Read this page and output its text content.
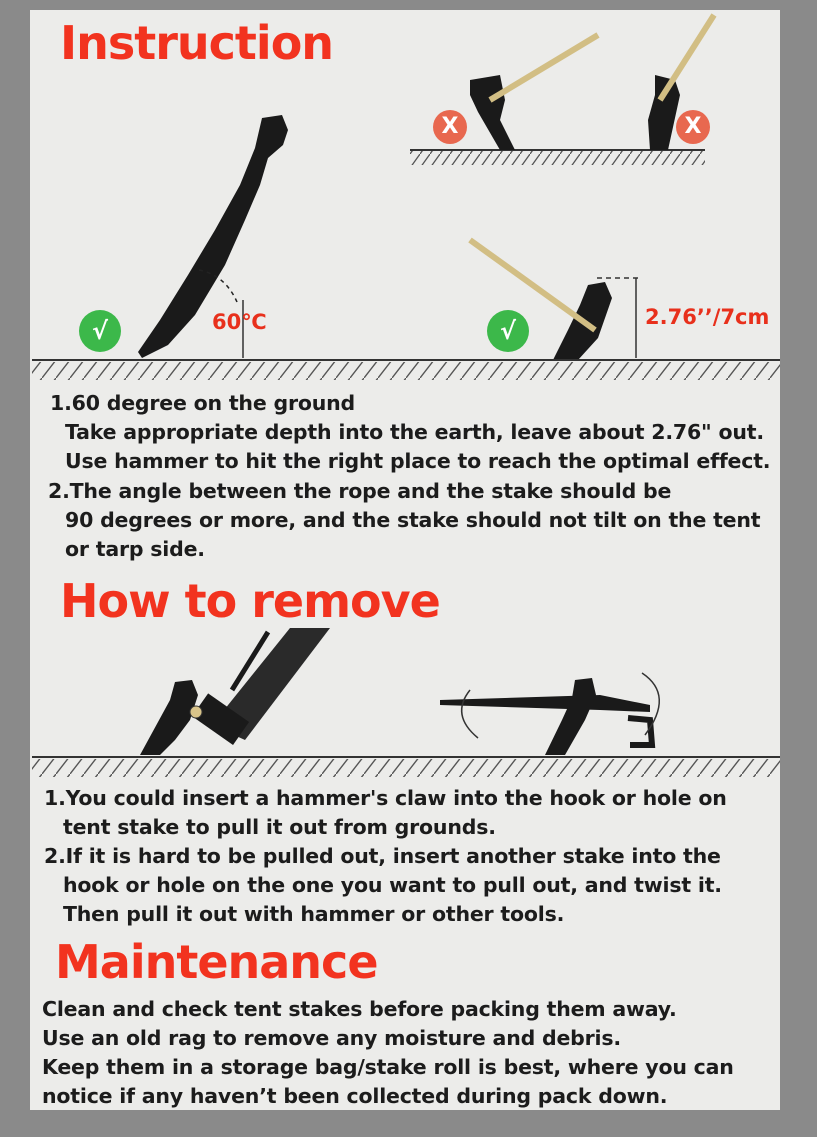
Instruction
X	X
60℃
√	2.76’’/7cm
√
1.60 degree on the ground
Take appropriate depth into the earth, leave about 2.76" out.
Use hammer to hit the right place to reach the optimal effect.
2.The angle between the rope and the stake should be
90 degrees or more, and the stake should not tilt on the tent
or tarp side.
How to remove
1.You could insert a hammer's claw into the hook or hole on
tent stake to pull it out from grounds.
2.If it is hard to be pulled out, insert another stake into the
hook or hole on the one you want to pull out, and twist it.
Then pull it out with hammer or other tools.
Maintenance
Clean and check tent stakes before packing them away.
Use an old rag to remove any moisture and debris.
Keep them in a storage bag/stake roll is best, where you can
notice if any haven’t been collected during pack down.
